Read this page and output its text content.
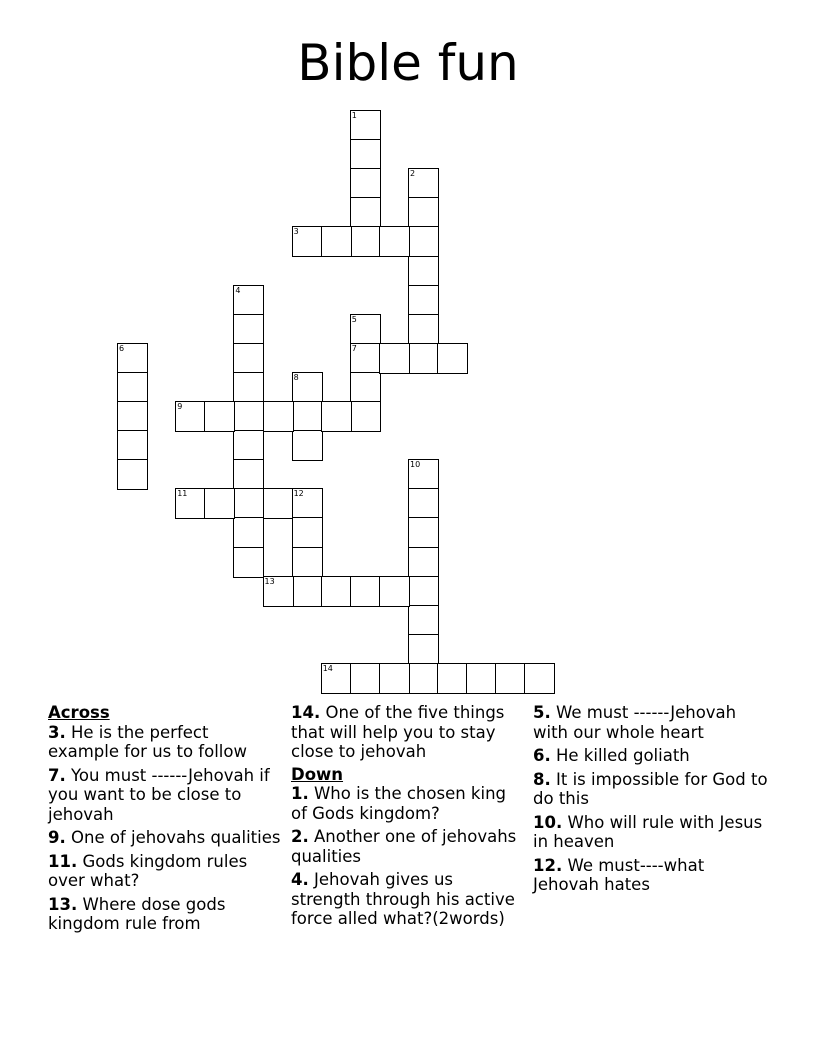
Bible fun
1
2
3
4
5
7
6
8
9
10
11	12
13
14
Across
3. He is the perfect example for us to follow
7. You must ------Jehovah if you want to be close to jehovah
9. One of jehovahs qualities
11. Gods kingdom rules over what?
13. Where dose gods kingdom rule from
14. One of the five things that will help you to stay close to jehovah
Down
1. Who is the chosen king of Gods kingdom?
2. Another one of jehovahs qualities
4. Jehovah gives us strength through his active force alled what?(2words)
5. We must ------Jehovah with our whole heart
6. He killed goliath
8. It is impossible for God to do this
10. Who will rule with Jesus in heaven
12. We must----what Jehovah hates
